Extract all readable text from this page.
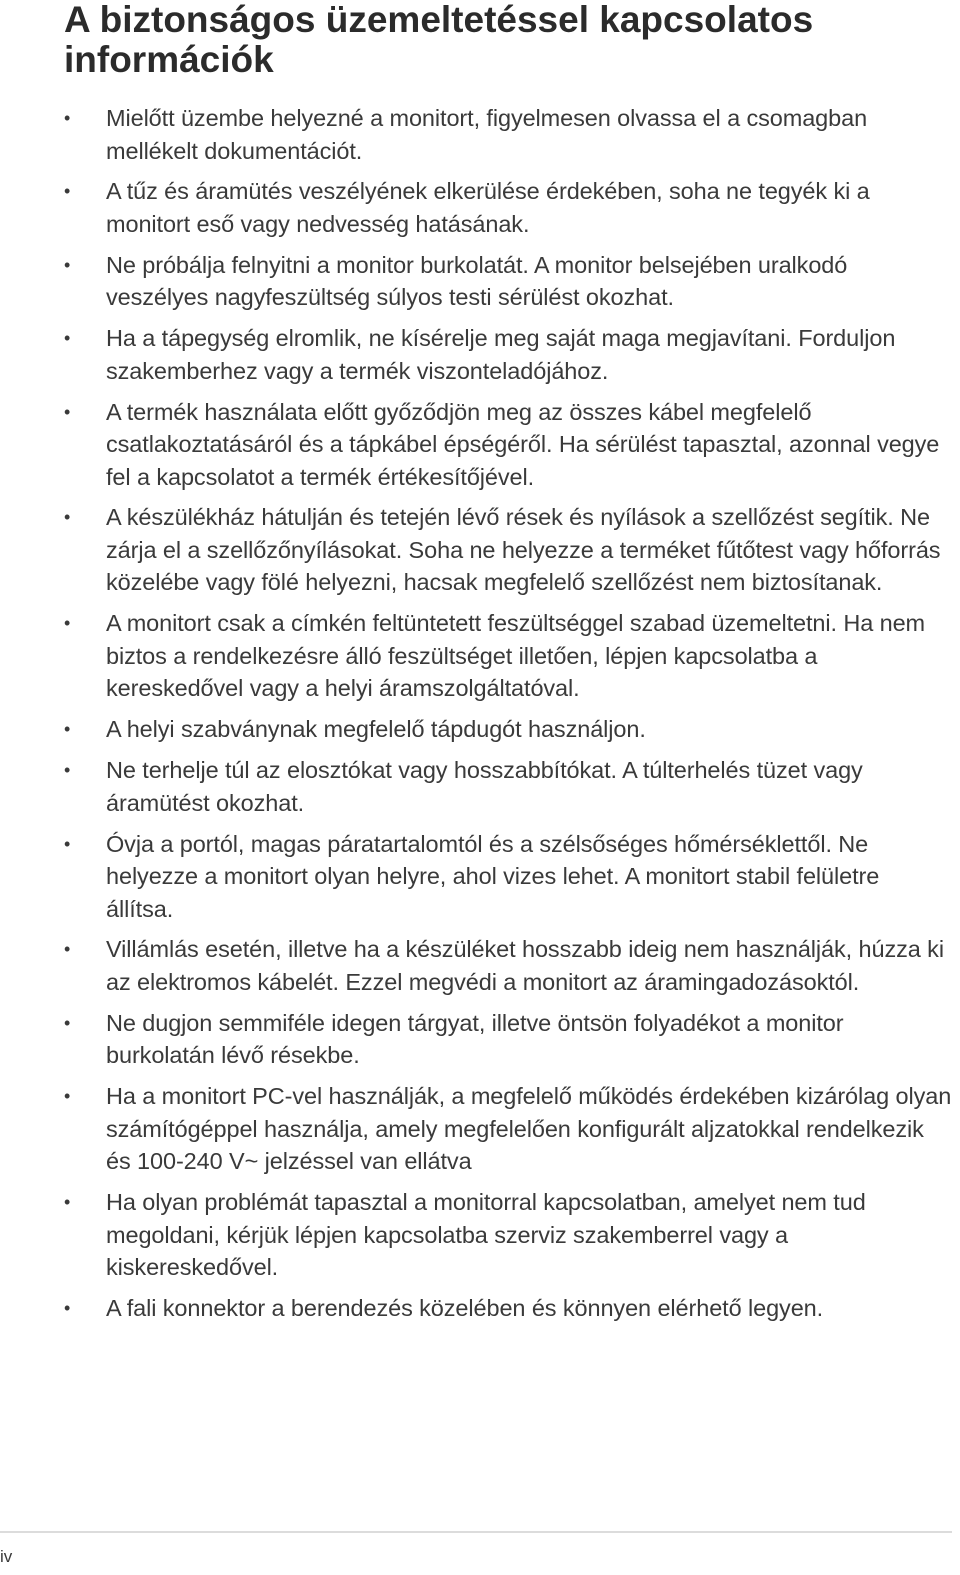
A biztonságos üzemeltetéssel kapcsolatos információk
• Mielőtt üzembe helyezné a monitort, figyelmesen olvassa el a csomagban mellékelt dokumentációt.
• A tűz és áramütés veszélyének elkerülése érdekében, soha ne tegyék ki a monitort eső vagy nedvesség hatásának.
• Ne próbálja felnyitni a monitor burkolatát. A monitor belsejében uralkodó veszélyes nagyfeszültség súlyos testi sérülést okozhat.
• Ha a tápegység elromlik, ne kísérelje meg saját maga megjavítani. Forduljon szakemberhez vagy a termék viszonteladójához.
• A termék használata előtt győződjön meg az összes kábel megfelelő csatlakoztatásáról és a tápkábel épségéről. Ha sérülést tapasztal, azonnal vegye fel a kapcsolatot a termék értékesítőjével.
• A készülékház hátulján és tetején lévő rések és nyílások a szellőzést segítik. Ne zárja el a szellőzőnyílásokat. Soha ne helyezze a terméket fűtőtest vagy hőforrás közelébe vagy fölé helyezni, hacsak megfelelő szellőzést nem biztosítanak.
• A monitort csak a címkén feltüntetett feszültséggel szabad üzemeltetni. Ha nem biztos a rendelkezésre álló feszültséget illetően, lépjen kapcsolatba a kereskedővel vagy a helyi áramszolgáltatóval.
• A helyi szabványnak megfelelő tápdugót használjon.
• Ne terhelje túl az elosztókat vagy hosszabbítókat. A túlterhelés tüzet vagy áramütést okozhat.
• Óvja a portól, magas páratartalomtól és a szélsőséges hőmérséklettől. Ne helyezze a monitort olyan helyre, ahol vizes lehet. A monitort stabil felületre állítsa.
• Villámlás esetén, illetve ha a készüléket hosszabb ideig nem használják, húzza ki az elektromos kábelét. Ezzel megvédi a monitort az áramingadozásoktól.
• Ne dugjon semmiféle idegen tárgyat, illetve öntsön folyadékot a monitor burkolatán lévő résekbe.
• Ha a monitort PC-vel használják, a megfelelő működés érdekében kizárólag olyan számítógéppel használja, amely megfelelően konfigurált aljzatokkal rendelkezik és 100-240 V~ jelzéssel van ellátva
• Ha olyan problémát tapasztal a monitorral kapcsolatban, amelyet nem tud megoldani, kérjük lépjen kapcsolatba szerviz szakemberrel vagy a kiskereskedővel.
• A fali konnektor a berendezés közelében és könnyen elérhető legyen.
iv
